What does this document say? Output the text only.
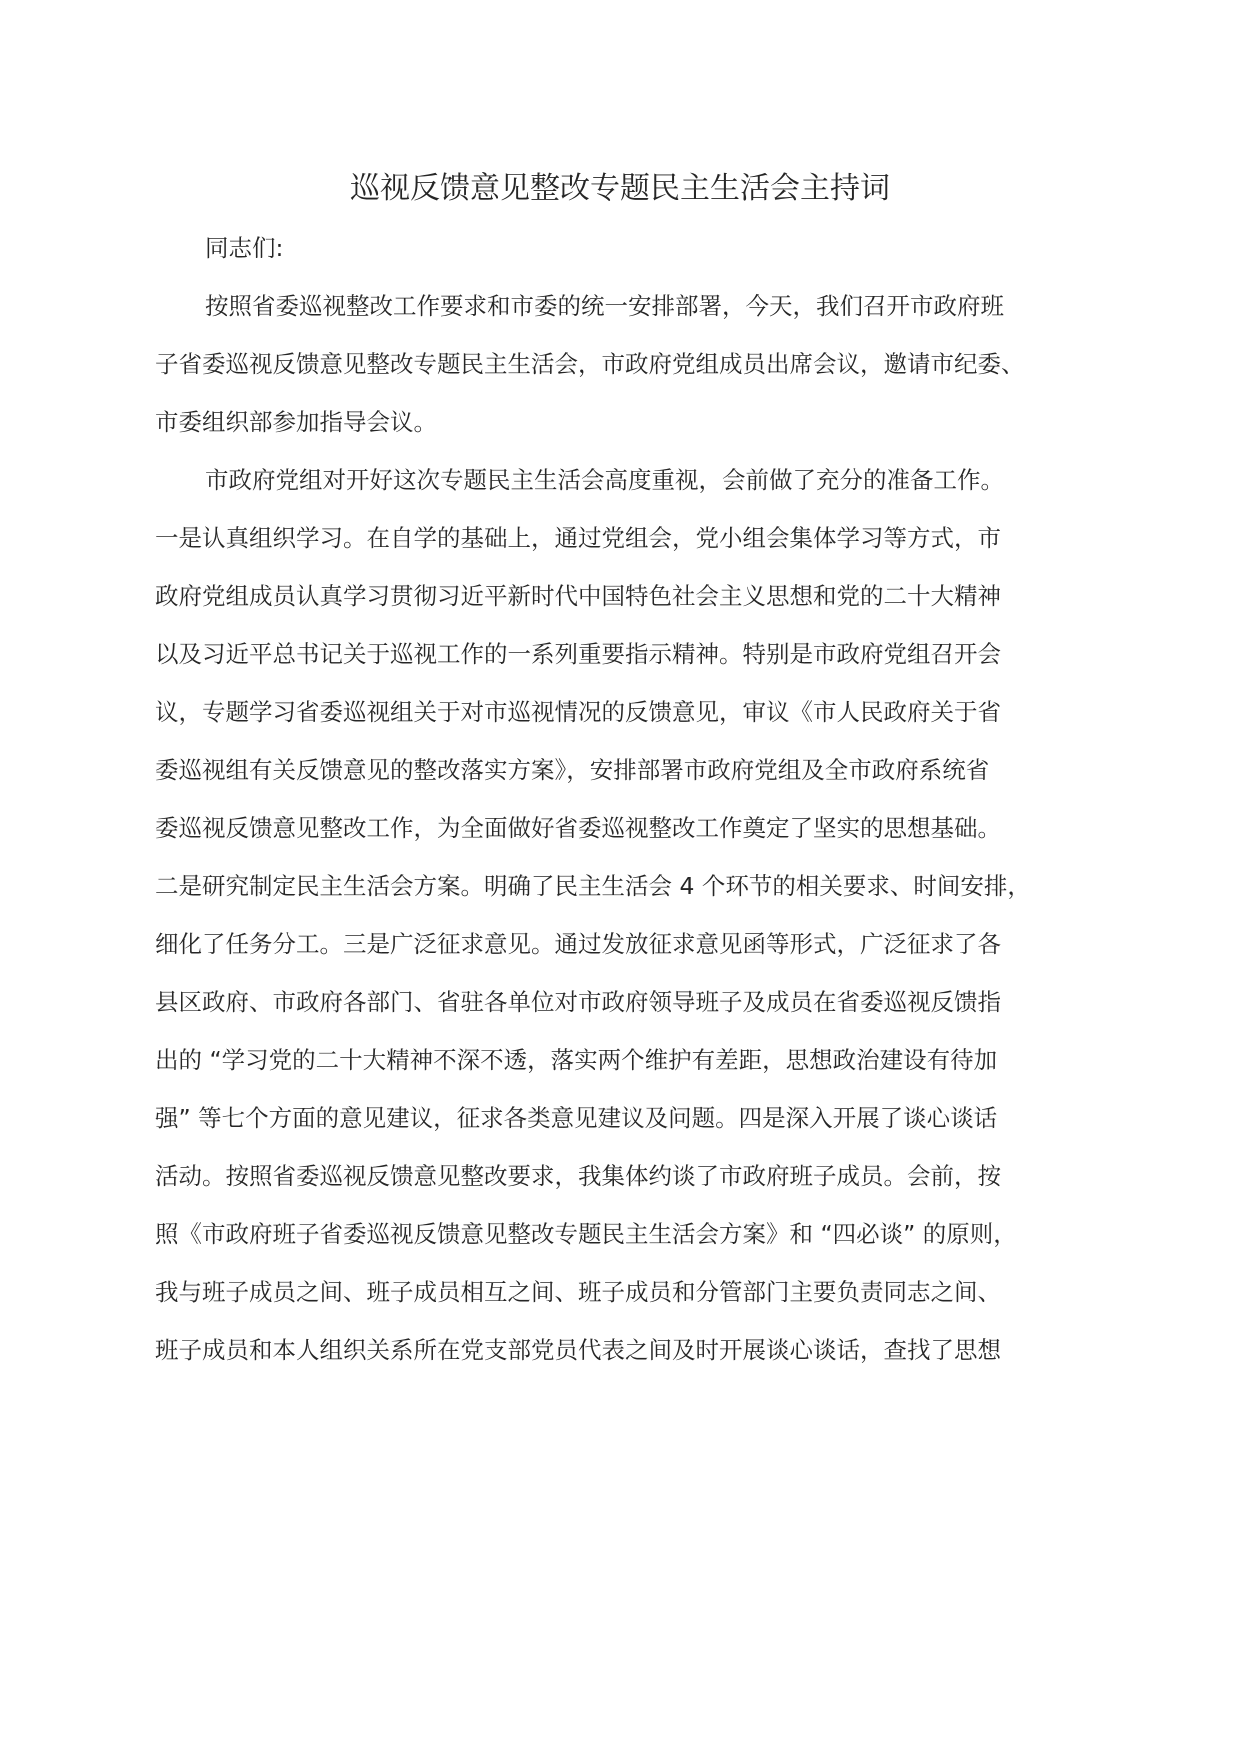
巡视反馈意见整改专题民主生活会主持词

同志们:

按照省委巡视整改工作要求和市委的统一安排部署，今天，我们召开市政府班

子省委巡视反馈意见整改专题民主生活会，市政府党组成员出席会议，邀请市纪委、

市委组织部参加指导会议。

市政府党组对开好这次专题民主生活会高度重视，会前做了充分的准备工作。

一是认真组织学习。在自学的基础上，通过党组会，党小组会集体学习等方式，市

政府党组成员认真学习贯彻习近平新时代中国特色社会主义思想和党的二十大精神

以及习近平总书记关于巡视工作的一系列重要指示精神。特别是市政府党组召开会

议，专题学习省委巡视组关于对市巡视情况的反馈意见，审议《市人民政府关于省

委巡视组有关反馈意见的整改落实方案》，安排部署市政府党组及全市政府系统省

委巡视反馈意见整改工作，为全面做好省委巡视整改工作奠定了坚实的思想基础。

二是研究制定民主生活会方案。明确了民主生活会 4 个环节的相关要求、时间安排，

细化了任务分工。三是广泛征求意见。通过发放征求意见函等形式，广泛征求了各

县区政府、市政府各部门、省驻各单位对市政府领导班子及成员在省委巡视反馈指

出的 “学习党的二十大精神不深不透，落实两个维护有差距，思想政治建设有待加

强” 等七个方面的意见建议，征求各类意见建议及问题。四是深入开展了谈心谈话

活动。按照省委巡视反馈意见整改要求，我集体约谈了市政府班子成员。会前，按

照《市政府班子省委巡视反馈意见整改专题民主生活会方案》和 “四必谈” 的原则，

我与班子成员之间、班子成员相互之间、班子成员和分管部门主要负责同志之间、

班子成员和本人组织关系所在党支部党员代表之间及时开展谈心谈话，查找了思想
